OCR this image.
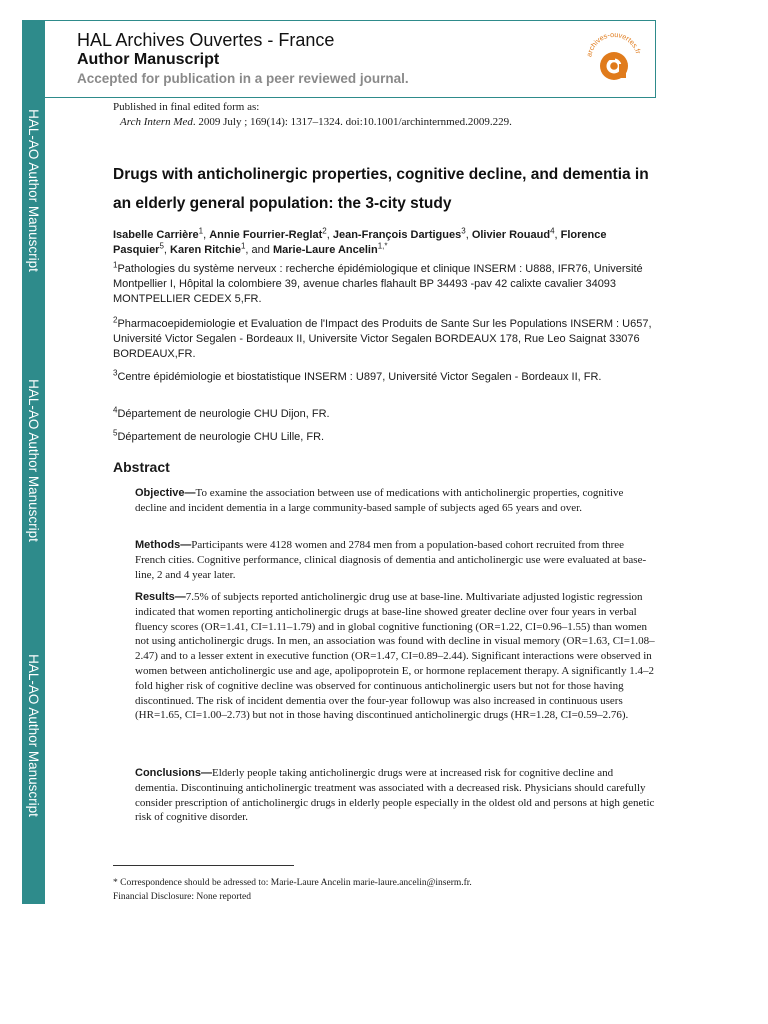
HAL-AO Author Manuscript
HAL-AO Author Manuscript
HAL-AO Author Manuscript
HAL Archives Ouvertes - France
Author Manuscript
Accepted for publication in a peer reviewed journal.
archives-ouvertes.fr
Published in final edited form as:
Arch Intern Med. 2009 July ; 169(14): 1317–1324. doi:10.1001/archinternmed.2009.229.
Drugs with anticholinergic properties, cognitive decline, and dementia in an elderly general population: the 3-city study
Isabelle Carrière$^1$, Annie Fourrier-Reglat$^2$, Jean-François Dartigues$^3$, Olivier Rouaud$^4$, Florence Pasquier$^5$, Karen Ritchie$^1$, and Marie-Laure Ancelin$^{1,*}$
$^1$Pathologies du système nerveux : recherche épidémiologique et clinique INSERM : U888, IFR76, Université Montpellier I, Hôpital la colombiere 39, avenue charles flahault BP 34493 -pav 42 calixte cavalier 34093 MONTPELLIER CEDEX 5,FR.
$^2$Pharmacoepidemiologie et Evaluation de l'Impact des Produits de Sante Sur les Populations INSERM : U657, Université Victor Segalen - Bordeaux II, Universite Victor Segalen BORDEAUX 178, Rue Leo Saignat 33076 BORDEAUX,FR.
$^3$Centre épidémiologie et biostatistique INSERM : U897, Université Victor Segalen - Bordeaux II, FR.
$^4$Département de neurologie CHU Dijon, FR.
$^5$Département de neurologie CHU Lille, FR.
Abstract
Objective—To examine the association between use of medications with anticholinergic properties, cognitive decline and incident dementia in a large community-based sample of subjects aged 65 years and over.
Methods—Participants were 4128 women and 2784 men from a population-based cohort recruited from three French cities. Cognitive performance, clinical diagnosis of dementia and anticholinergic use were evaluated at base-line, 2 and 4 year later.
Results—7.5% of subjects reported anticholinergic drug use at base-line. Multivariate adjusted logistic regression indicated that women reporting anticholinergic drugs at base-line showed greater decline over four years in verbal fluency scores (OR=1.41, CI=1.11–1.79) and in global cognitive functioning (OR=1.22, CI=0.96–1.55) than women not using anticholinergic drugs. In men, an association was found with decline in visual memory (OR=1.63, CI=1.08–2.47) and to a lesser extent in executive function (OR=1.47, CI=0.89–2.44). Significant interactions were observed in women between anticholinergic use and age, apolipoprotein E, or hormone replacement therapy. A significantly 1.4–2 fold higher risk of cognitive decline was observed for continuous anticholinergic users but not for those having discontinued. The risk of incident dementia over the four-year followup was also increased in continuous users (HR=1.65, CI=1.00–2.73) but not in those having discontinued anticholinergic drugs (HR=1.28, CI=0.59–2.76).
Conclusions—Elderly people taking anticholinergic drugs were at increased risk for cognitive decline and dementia. Discontinuing anticholinergic treatment was associated with a decreased risk. Physicians should carefully consider prescription of anticholinergic drugs in elderly people especially in the oldest old and persons at high genetic risk of cognitive disorder.
* Correspondence should be adressed to: Marie-Laure Ancelin marie-laure.ancelin@inserm.fr.
Financial Disclosure: None reported
